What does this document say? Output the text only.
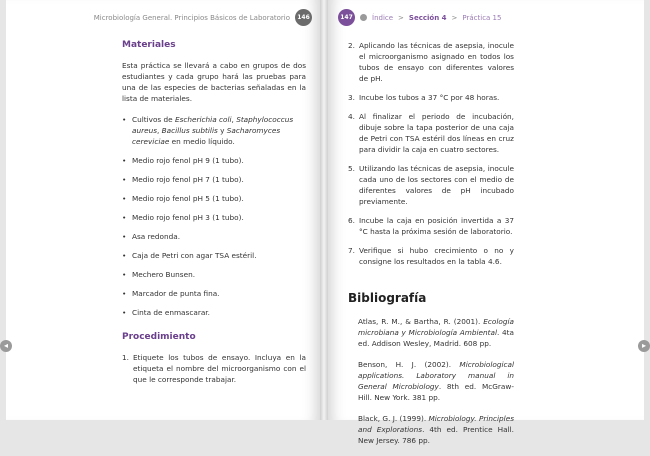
Microbiología General. Principios Básicos de Laboratorio	146
Materiales

Esta práctica se llevará a cabo en grupos de dos estudiantes y cada grupo hará las pruebas para una de las especies de bacterias señaladas en la lista de materiales.

• Cultivos de Escherichia coli, Staphylococcus aureus, Bacillus subtilis y Sacharomyces cereviciae en medio líquido.
• Medio rojo fenol pH 9 (1 tubo).
• Medio rojo fenol pH 7 (1 tubo).
• Medio rojo fenol pH 5 (1 tubo).
• Medio rojo fenol pH 3 (1 tubo).
• Asa redonda.
• Caja de Petri con agar TSA estéril.
• Mechero Bunsen.
• Marcador de punta fina.
• Cinta de enmascarar.
Procedimiento
1. Etiquete los tubos de ensayo. Incluya en la etiqueta el nombre del microorganismo con el que le corresponde trabajar.
147	Índice > Sección 4 > Práctica 15
2. Aplicando las técnicas de asepsia, inocule el microorganismo asignado en todos los tubos de ensayo con diferentes valores de pH.
3. Incube los tubos a 37 °C por 48 horas.
4. Al finalizar el periodo de incubación, dibuje sobre la tapa posterior de una caja de Petri con TSA estéril dos líneas en cruz para dividir la caja en cuatro sectores.
5. Utilizando las técnicas de asepsia, inocule cada uno de los sectores con el medio de diferentes valores de pH incubado previamente.
6. Incube la caja en posición invertida a 37 °C hasta la próxima sesión de laboratorio.
7. Verifique si hubo crecimiento o no y consigne los resultados en la tabla 4.6.
Bibliografía

Atlas, R. M., & Bartha, R. (2001). Ecología microbiana y Microbiología Ambiental. 4ta ed. Addison Wesley, Madrid. 608 pp.

Benson, H. J. (2002). Microbiological applications. Laboratory manual in General Microbiology. 8th ed. McGraw-Hill. New York. 381 pp.

Black, G. J. (1999). Microbiology. Principles and Explorations. 4th ed. Prentice Hall. New Jersey. 786 pp.

◂	▸
